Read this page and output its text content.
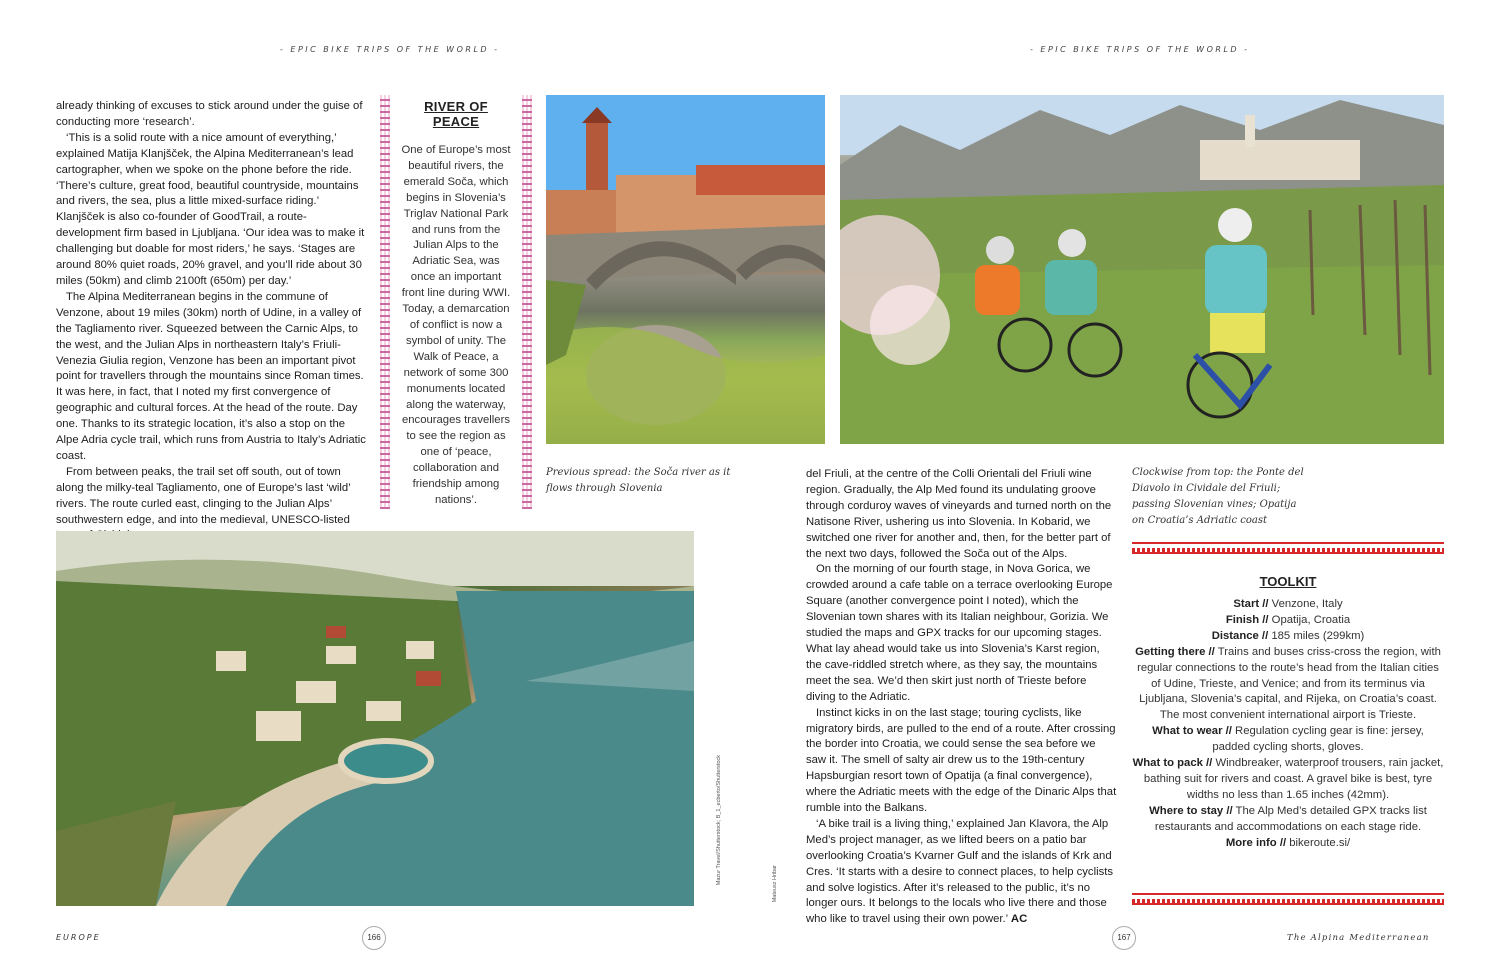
- EPIC BIKE TRIPS OF THE WORLD -	- EPIC BIKE TRIPS OF THE WORLD -

already thinking of excuses to stick around under the guise of conducting more ‘research’.

‘This is a solid route with a nice amount of everything,’ explained Matija Klanjšček, the Alpina Mediterranean’s lead cartographer, when we spoke on the phone before the ride. ‘There’s culture, great food, beautiful countryside, mountains and rivers, the sea, plus a little mixed-surface riding.’ Klanjšček is also co-founder of GoodTrail, a route-development firm based in Ljubljana. ‘Our idea was to make it challenging but doable for most riders,’ he says. ‘Stages are around 80% quiet roads, 20% gravel, and you’ll ride about 30 miles (50km) and climb 2100ft (650m) per day.’

The Alpina Mediterranean begins in the commune of Venzone, about 19 miles (30km) north of Udine, in a valley of the Tagliamento river. Squeezed between the Carnic Alps, to the west, and the Julian Alps in northeastern Italy’s Friuli-Venezia Giulia region, Venzone has been an important pivot point for travellers through the mountains since Roman times. It was here, in fact, that I noted my first convergence of geographic and cultural forces. At the head of the route. Day one. Thanks to its strategic location, it’s also a stop on the Alpe Adria cycle trail, which runs from Austria to Italy’s Adriatic coast.

From between peaks, the trail set off south, out of town along the milky-teal Tagliamento, one of Europe’s last ‘wild’ rivers. The route curled east, clinging to the Julian Alps’ southwestern edge, and into the medieval, UNESCO-listed

RIVER OF PEACE
One of Europe’s most beautiful rivers, the emerald Soča, which begins in Slovenia’s Triglav National Park and runs from the Julian Alps to the Adriatic Sea, was once an important front line during WWI. Today, a demarcation of conflict is now a symbol of unity. The Walk of Peace, a network of some 300 monuments located along the waterway, encourages travellers to see the region as one of ‘peace, collaboration and friendship among nations’.
Previous spread: the Soča river as it flows through Slovenia

del Friuli, at the centre of the Colli Orientali del Friuli wine region. Gradually, the Alp Med found its undulating groove through corduroy waves of vineyards and turned north on the Natisone River, ushering us into Slovenia. In Kobarid, we switched one river for another and, then, for the better part of the next two days, followed the Soča out of the Alps.

On the morning of our fourth stage, in Nova Gorica, we crowded around a cafe table on a terrace overlooking Europe Square (another convergence point I noted), which the Slovenian town shares with its Italian neighbour, Gorizia. We studied the maps and GPX tracks for our upcoming stages. What lay ahead would take us into Slovenia’s Karst region, the cave-riddled stretch where, as they say, the mountains meet the sea. We’d then skirt just north of Trieste before diving to the Adriatic.

Instinct kicks in on the last stage; touring cyclists, like migratory birds, are pulled to the end of a route. After crossing the border into Croatia, we could sense the sea before we saw it. The smell of salty air drew us to the 19th-century Hapsburgian resort town of Opatija (a final convergence), where the Adriatic meets with the edge of the Dinaric Alps that rumble into the Balkans.

‘A bike trail is a living thing,’ explained Jan Klavora, the Alp Med’s project manager, as we lifted beers on a patio bar overlooking Croatia’s Kvarner Gulf and the islands of Krk and Cres. ‘It starts with a desire to connect places, to help cyclists and solve logistics. After it’s released to the public, it’s no longer ours. It belongs to the locals who live there and those who like to travel using their own power.’ AC

Clockwise from top: the Ponte del Diavolo in Cividale del Friuli; passing Slovenian vines; Opatija on Croatia’s Adriatic coast
Mazur Travel/Shutterstock; B_1_ecberto/Shutterstock	Mateusz Hribar
TOOLKIT
Start // Venzone, Italy
Finish // Opatija, Croatia
Distance // 185 miles (299km)
Getting there // Trains and buses criss-cross the region, with regular connections to the route’s head from the Italian cities of Udine, Trieste, and Venice; and from its terminus via Ljubljana, Slovenia’s capital, and Rijeka, on Croatia’s coast. The most convenient international airport is Trieste.
What to wear // Regulation cycling gear is fine: jersey, padded cycling shorts, gloves.
What to pack // Windbreaker, waterproof trousers, rain jacket, bathing suit for rivers and coast. A gravel bike is best, tyre widths no less than 1.65 inches (42mm).
Where to stay // The Alp Med’s detailed GPX tracks list restaurants and accommodations on each stage ride.
More info // bikeroute.si/
EUROPE	166	167	The Alpina Mediterranean
